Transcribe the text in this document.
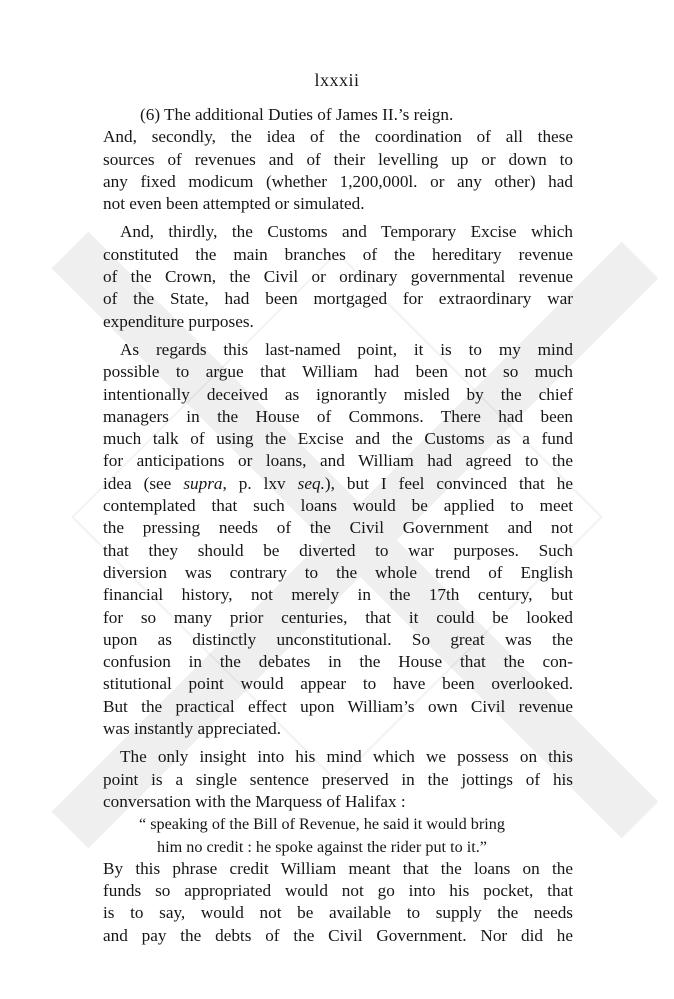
lxxxii
(6) The additional Duties of James II.’s reign.
And, secondly, the idea of the coordination of all these
sources of revenues and of their levelling up or down to
any fixed modicum (whether 1,200,000l. or any other) had
not even been attempted or simulated.
And, thirdly, the Customs and Temporary Excise which
constituted the main branches of the hereditary revenue
of the Crown, the Civil or ordinary governmental revenue
of the State, had been mortgaged for extraordinary war
expenditure purposes.
As regards this last-named point, it is to my mind
possible to argue that William had been not so much
intentionally deceived as ignorantly misled by the chief
managers in the House of Commons. There had been
much talk of using the Excise and the Customs as a fund
for anticipations or loans, and William had agreed to the
idea (see supra, p. lxv seq.), but I feel convinced that he
contemplated that such loans would be applied to meet
the pressing needs of the Civil Government and not
that they should be diverted to war purposes. Such
diversion was contrary to the whole trend of English
financial history, not merely in the 17th century, but
for so many prior centuries, that it could be looked
upon as distinctly unconstitutional. So great was the
confusion in the debates in the House that the con-
stitutional point would appear to have been overlooked.
But the practical effect upon William’s own Civil revenue
was instantly appreciated.
The only insight into his mind which we possess on this
point is a single sentence preserved in the jottings of his
conversation with the Marquess of Halifax :
“ speaking of the Bill of Revenue, he said it would bring
him no credit : he spoke against the rider put to it.”
By this phrase credit William meant that the loans on the
funds so appropriated would not go into his pocket, that
is to say, would not be available to supply the needs
and pay the debts of the Civil Government. Nor did he
